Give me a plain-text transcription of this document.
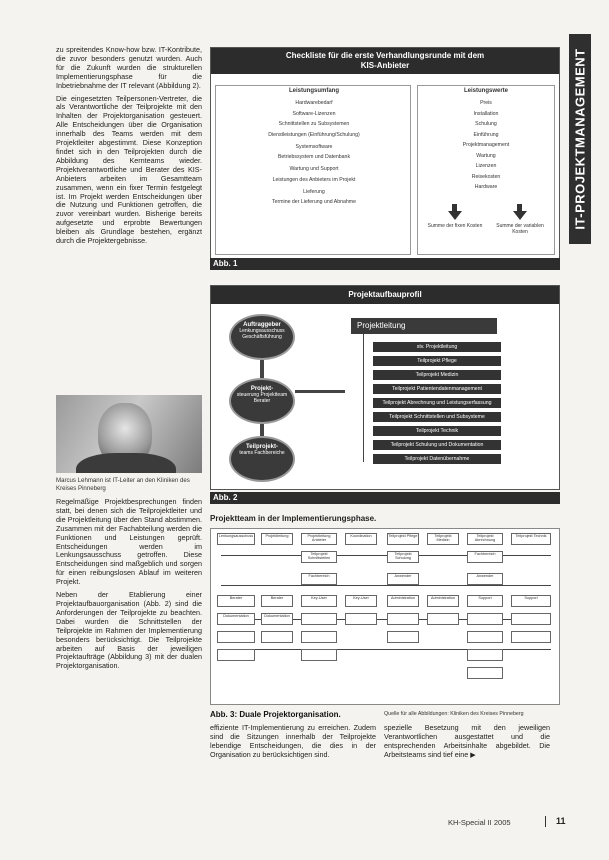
IT-PROJEKTMANAGEMENT

zu spreitendes Know-how bzw. IT-Kontribute, die zuvor besonders genutzt wurden. Auch für die Zukunft wurden die strukturellen Implementierungsphase für die Inbetriebnahme der IT relevant (Abbildung 2).

Die eingesetzten Teilpersonen-Vertreter, die als Verantwortliche der Teilprojekte mit den Inhalten der Projektorganisation gesteuert. Alle Entscheidungen über die Organisation innerhalb des Teams werden mit dem Projektleiter abgestimmt. Diese Konzeption findet sich in den Teilprojekten durch die Abbildung des Kernteams wieder. Projektverantwortliche und Berater des KIS-Anbieters arbeiten im Gesamtteam zusammen, wenn ein fixer Termin festgelegt ist. Im Projekt werden Entscheidungen über die Nutzung und Funktionen getroffen, die zuvor vereinbart wurden. Bisherige bereits aufgesetzte und erprobte Bewertungen bleiben als Grundlage bestehen, ergänzt durch die Projektergebnisse.

Marcus Lehmann ist IT-Leiter an den Kliniken des Kreises Pinneberg

Regelmäßige Projektbesprechungen finden statt, bei denen sich die Teilprojektleiter und die Projektleitung über den Stand abstimmen. Zusammen mit der Fachabteilung werden die Funktionen und Leistungen geprüft. Entscheidungen werden im Lenkungsausschuss getroffen. Diese Entscheidungen sind maßgeblich und sorgen für einen reibungslosen Ablauf im weiteren Projekt.

Neben der Etablierung einer Projektaufbauorganisation (Abb. 2) sind die Anforderungen der Teilprojekte zu beachten. Dabei wurden die Schnittstellen der Teilprojekte im Rahmen der Implementierung besonders berücksichtigt. Die Teilprojekte arbeiten auf Basis der jeweiligen Projektaufträge (Abbildung 3) mit der dualen Projektorganisation.

Checkliste für die erste Verhandlungsrunde mit dem
KIS-Anbieter
Leistungsumfang
Hardwarebedarf
Software-Lizenzen
Schnittstellen zu Subsystemen
Dienstleistungen (Einführung/Schulung)
Systemsoftware
Betriebssystem und Datenbank
Wartung und Support
Leistungen des Anbieters im Projekt
Lieferung
Termine der Lieferung und Abnahme
Leistungswerte
Preis
Installation
Schulung
Einführung
Projektmanagement
Wartung
Lizenzen
Reisekosten
Hardware
Summe der fixen Kosten	Summe der variablen Kosten
Abb. 1
Projektaufbauprofil
Auftraggeber
Lenkungsausschuss Geschäftsführung
Projekt-
steuerung Projektteam Berater
Teilprojekt-
teams Fachbereiche
Projektleitung
stv. Projektleitung
Teilprojekt Pflege
Teilprojekt Medizin
Teilprojekt Patientendatenmanagement
Teilprojekt Abrechnung und Leistungserfassung
Teilprojekt Schnittstellen und Subsysteme
Teilprojekt Technik
Teilprojekt Schulung und Dokumentation
Teilprojekt Datenübernahme
Abb. 2
Projektteam in der Implementierungsphase.
Lenkungsausschuss	Projektleitung	Projektleitung Anbieter
Koordination	Teilprojekt Pflege	Teilprojekt Medizin
Teilprojekt Abrechnung
Teilprojekt Technik
Teilprojekt Schnittstellen
Teilprojekt Schulung
Fachbereich
Fachbereich	Anwender	Anwender
Berater	Berater	Key-User	Key-User	Administration	Administration	Support	Support
Dokumentation	Dokumentation
Abb. 3: Duale Projektorganisation.	Quelle für alle Abbildungen: Kliniken des Kreises Pinneberg

effiziente IT-Implementierung zu erreichen. Zudem sind die Sitzungen innerhalb der Teilprojekte lebendige Entscheidungen, die dies in der Organisation zu berücksichtigen sind.

spezielle Besetzung mit den jeweiligen Verantwortlichen ausgestattet und die entsprechenden Arbeitsinhalte abgebildet. Die Arbeitsteams sind tief eine ▶

KH-Special II 2005	11
